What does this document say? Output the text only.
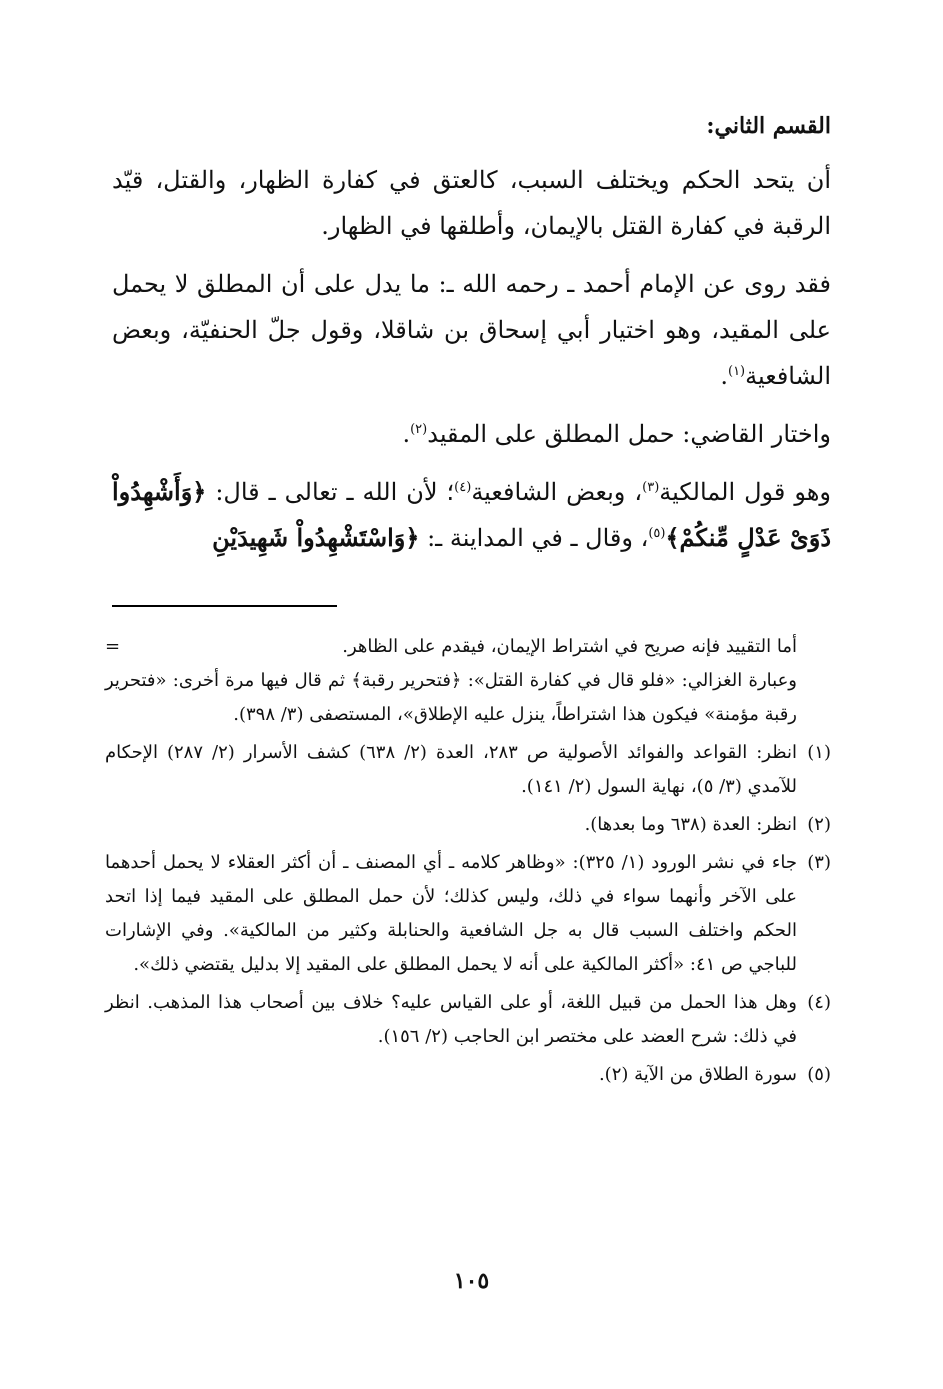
القسم الثاني:

أن يتحد الحكم ويختلف السبب، كالعتق في كفارة الظهار، والقتل، قيّد الرقبة في كفارة القتل بالإيمان، وأطلقها في الظهار.

فقد روى عن الإمام أحمد ـ رحمه الله ـ: ما يدل على أن المطلق لا يحمل على المقيد، وهو اختيار أبي إسحاق بن شاقلا، وقول جلّ الحنفيّة، وبعض الشافعية$^{(١)}$.

واختار القاضي: حمل المطلق على المقيد$^{(٢)}$.

وهو قول المالكية$^{(٣)}$، وبعض الشافعية$^{(٤)}$؛ لأن الله ـ تعالى ـ قال: ﴿وَأَشْهِدُواْ ذَوَىْ عَدْلٍ مِّنكُمْ﴾$^{(٥)}$، وقال ـ في المداينة ـ: ﴿وَاسْتَشْهِدُواْ شَهِيدَيْنِ

=	أما التقييد فإنه صريح في اشتراط الإيمان، فيقدم على الظاهر.
وعبارة الغزالي: «فلو قال في كفارة القتل»: ﴿فتحرير رقبة﴾ ثم قال فيها مرة أخرى: «فتحرير رقبة مؤمنة» فيكون هذا اشتراطاً، ينزل عليه الإطلاق»، المستصفى (٣/ ٣٩٨).
(١)
انظر: القواعد والفوائد الأصولية ص ٢٨٣، العدة (٢/ ٦٣٨) كشف الأسرار (٢/ ٢٨٧) الإحكام للآمدي (٣/ ٥)، نهاية السول (٢/ ١٤١).
(٢)
انظر: العدة (٦٣٨ وما بعدها).
(٣)
جاء في نشر الورود (١/ ٣٢٥): «وظاهر كلامه ـ أي المصنف ـ أن أكثر العقلاء لا يحمل أحدهما على الآخر وأنهما سواء في ذلك، وليس كذلك؛ لأن حمل المطلق على المقيد فيما إذا اتحد الحكم واختلف السبب قال به جل الشافعية والحنابلة وكثير من المالكية». وفي الإشارات للباجي ص ٤١: «أكثر المالكية على أنه لا يحمل المطلق على المقيد إلا بدليل يقتضي ذلك».
(٤)
وهل هذا الحمل من قبيل اللغة، أو على القياس عليه؟ خلاف بين أصحاب هذا المذهب. انظر في ذلك: شرح العضد على مختصر ابن الحاجب (٢/ ١٥٦).
(٥)
سورة الطلاق من الآية (٢).
١٠٥
